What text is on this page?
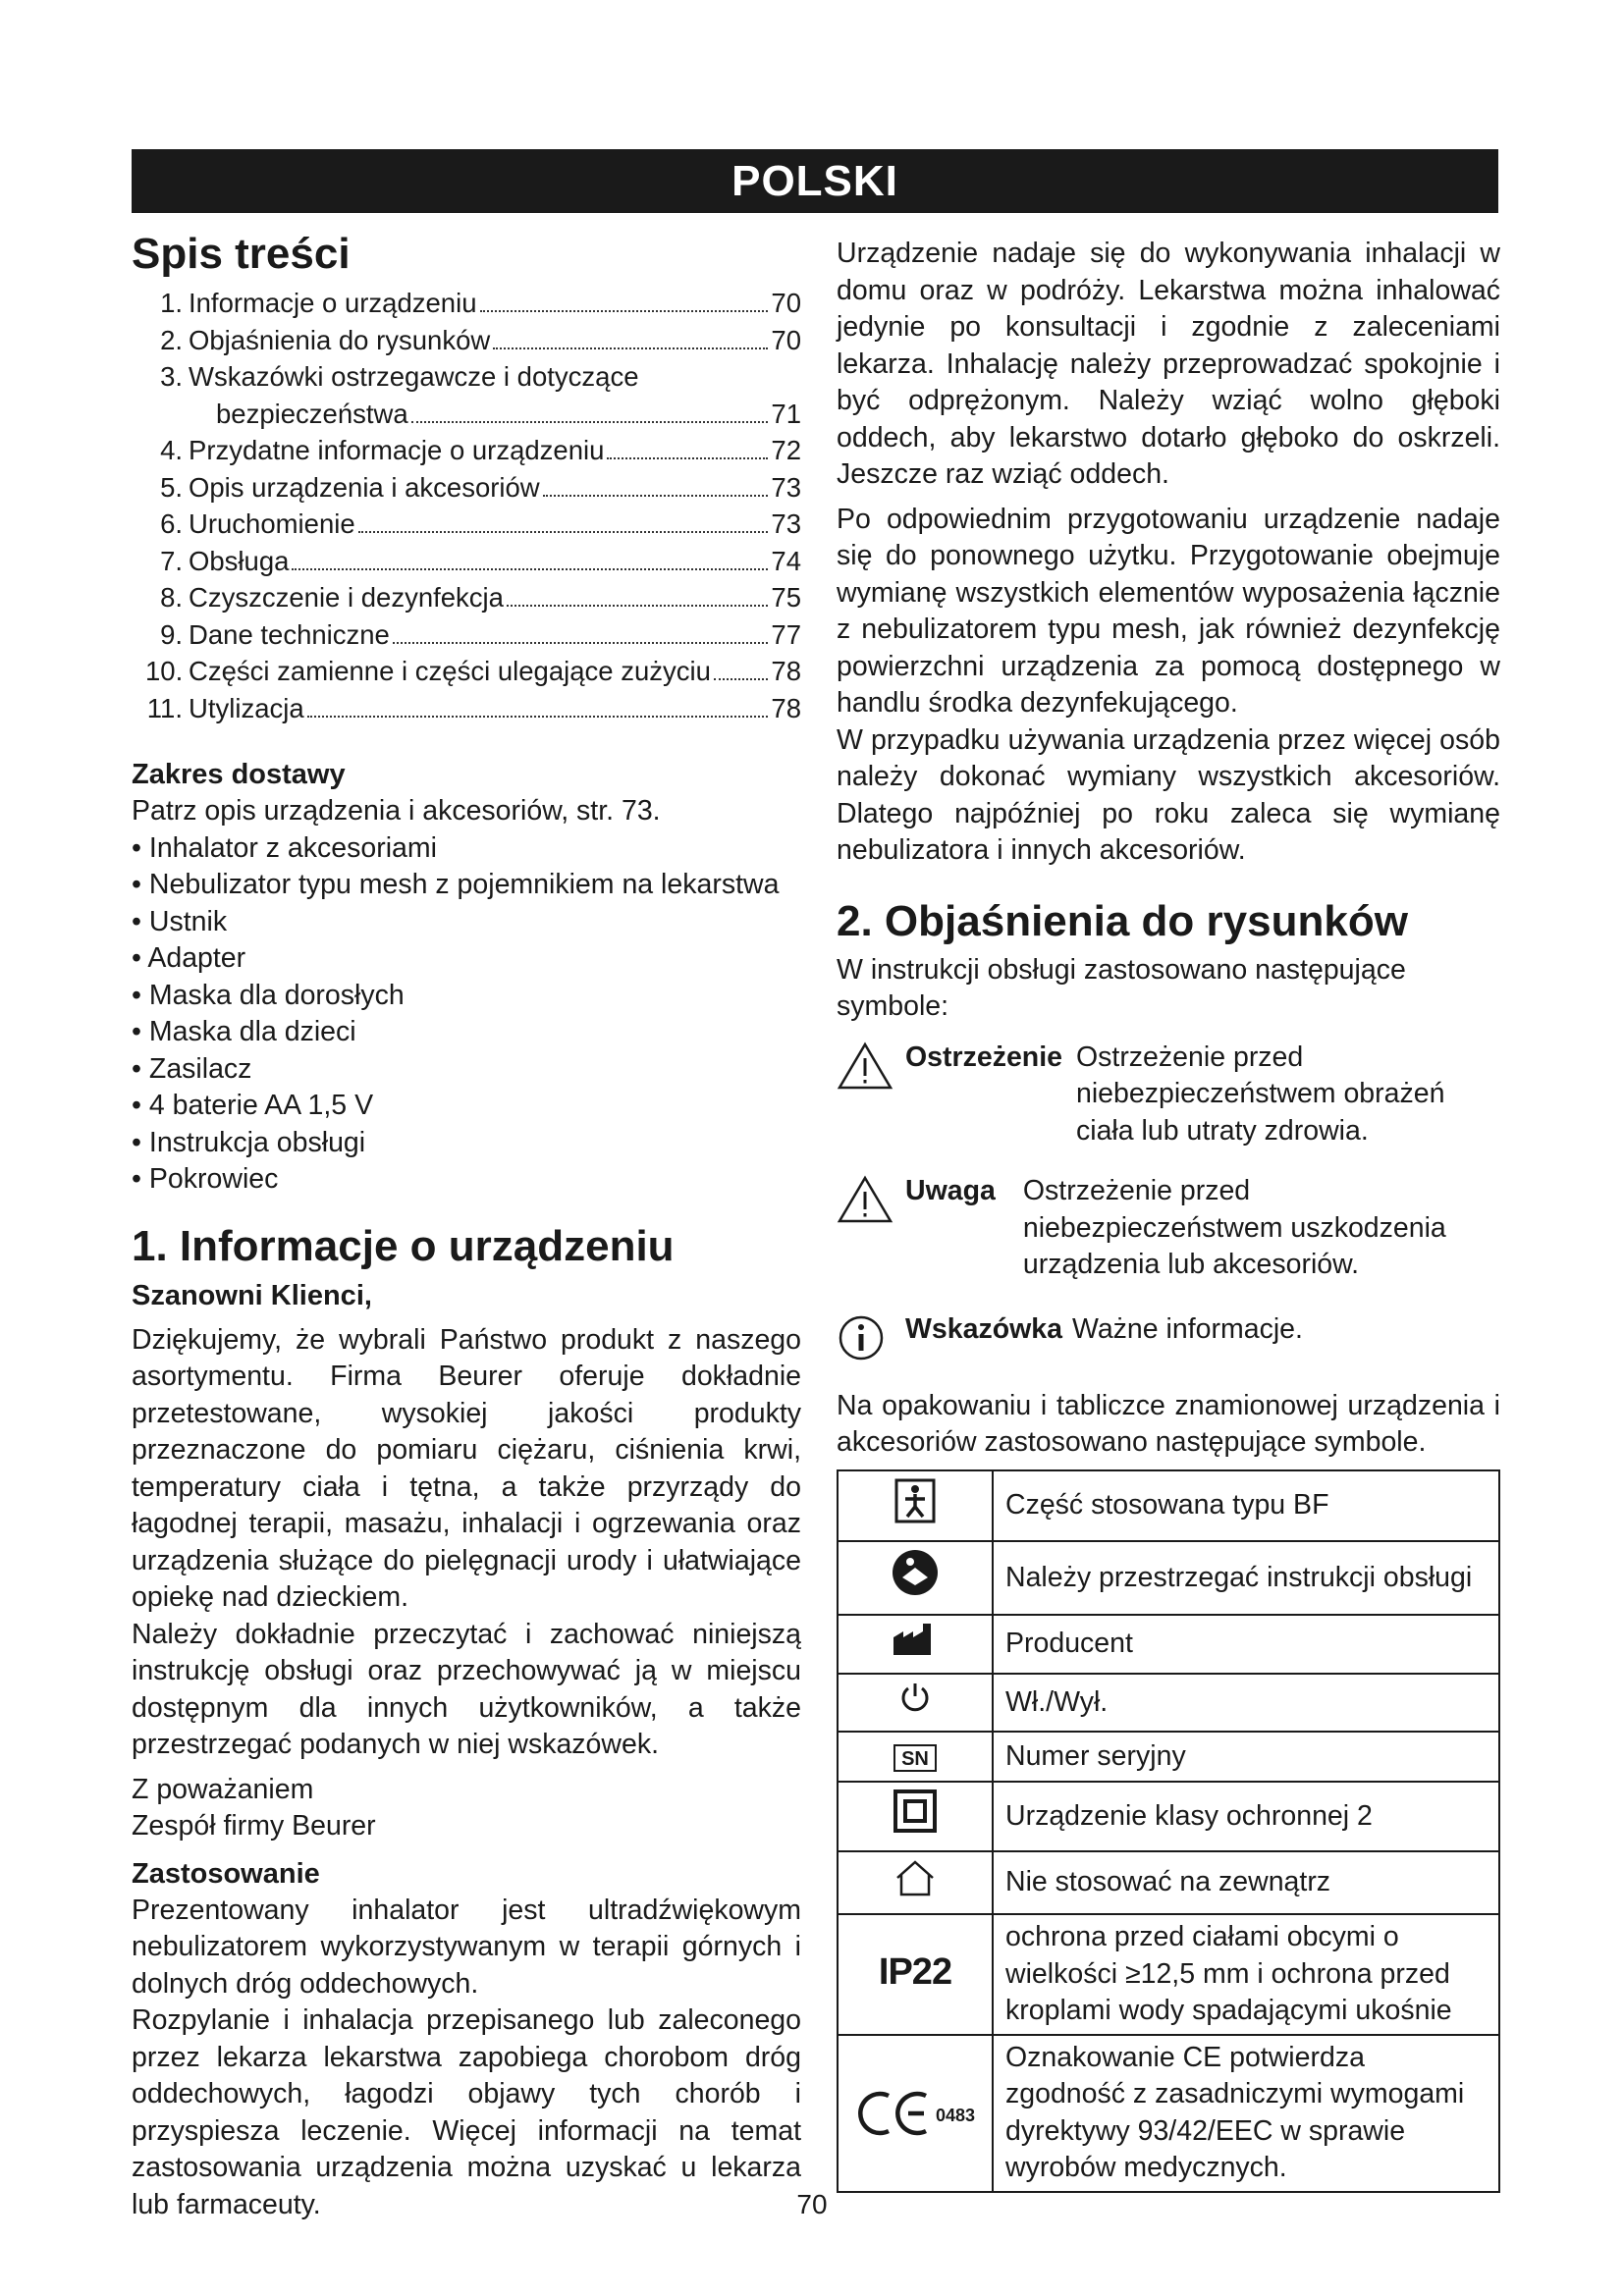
POLSKI
Spis treści
1. Informacje o urządzeniu	70
2. Objaśnienia do rysunków	70
3. Wskazówki ostrzegawcze i dotyczące
bezpieczeństwa	71
4. Przydatne informacje o urządzeniu	72
5. Opis urządzenia i akcesoriów	73
6. Uruchomienie	73
7. Obsługa	74
8. Czyszczenie i dezynfekcja	75
9. Dane techniczne	77
10. Części zamienne i części ulegające zużyciu 78
11. Utylizacja	78
Zakres dostawy

Patrz opis urządzenia i akcesoriów, str. 73.

• Inhalator z akcesoriami
• Nebulizator typu mesh z pojemnikiem na lekarstwa
• Ustnik
• Adapter
• Maska dla dorosłych
• Maska dla dzieci
• Zasilacz
• 4 baterie AA 1,5 V
• Instrukcja obsługi
• Pokrowiec
1. Informacje o urządzeniu
Szanowni Klienci,

Dziękujemy, że wybrali Państwo produkt z naszego asortymentu. Firma Beurer oferuje dokładnie przetestowane, wysokiej jakości produkty przeznaczone do pomiaru ciężaru, ciśnienia krwi, temperatury ciała i tętna, a także przyrządy do łagodnej terapii, masażu, inhalacji i ogrzewania oraz urządzenia służące do pielęgnacji urody i ułatwiające opiekę nad dzieckiem.

Należy dokładnie przeczytać i zachować niniejszą instrukcję obsługi oraz przechowywać ją w miejscu dostępnym dla innych użytkowników, a także przestrzegać podanych w niej wskazówek.

Z poważaniem

Zespół firmy Beurer

Zastosowanie

Prezentowany inhalator jest ultradźwiękowym nebulizatorem wykorzystywanym w terapii górnych i dolnych dróg oddechowych.

Rozpylanie i inhalacja przepisanego lub zaleconego przez lekarza lekarstwa zapobiega chorobom dróg oddechowych, łagodzi objawy tych chorób i przyspiesza leczenie. Więcej informacji na temat zastosowania urządzenia można uzyskać u lekarza lub farmaceuty.

Urządzenie nadaje się do wykonywania inhalacji w domu oraz w podróży. Lekarstwa można inhalować jedynie po konsultacji i zgodnie z zaleceniami lekarza. Inhalację należy przeprowadzać spokojnie i być odprężonym. Należy wziąć wolno głęboki oddech, aby lekarstwo dotarło głęboko do oskrzeli. Jeszcze raz wziąć oddech.

Po odpowiednim przygotowaniu urządzenie nadaje się do ponownego użytku. Przygotowanie obejmuje wymianę wszystkich elementów wyposażenia łącznie z nebulizatorem typu mesh, jak również dezynfekcję powierzchni urządzenia za pomocą dostępnego w handlu środka dezynfekującego.

W przypadku używania urządzenia przez więcej osób należy dokonać wymiany wszystkich akcesoriów. Dlatego najpóźniej po roku zaleca się wymianę nebulizatora i innych akcesoriów.

2. Objaśnienia do rysunków

W instrukcji obsługi zastosowano następujące symbole:

Ostrzeżenie Ostrzeżenie przed niebezpieczeństwem obrażeń ciała lub utraty zdrowia.
Uwaga Ostrzeżenie przed niebezpieczeństwem uszkodzenia urządzenia lub akcesoriów.
Wskazówka Ważne informacje.

Na opakowaniu i tabliczce znamionowej urządzenia i akcesoriów zastosowano następujące symbole.

	Część stosowana typu BF
	Należy przestrzegać instrukcji obsługi
	Producent
	Wł./Wył.
SN	Numer seryjny
	Urządzenie klasy ochronnej 2
	Nie stosować na zewnątrz
IP22	ochrona przed ciałami obcymi o wielkości ≥12,5 mm i ochrona przed kroplami wody spadającymi ukośnie

0483	Oznakowanie CE potwierdza zgodność z zasadniczymi wymogami dyrektywy 93/42/EEC w sprawie wyrobów medycznych.
70
